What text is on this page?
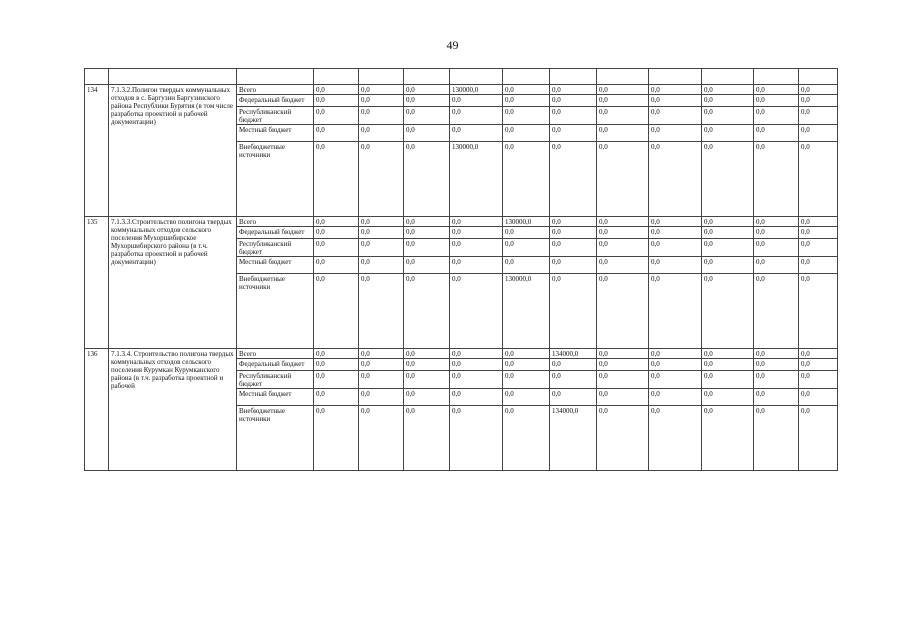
49

134	7.1.3.2.Полигон твердых коммунальных отходов в с. Баргузин Баргузинского района Республики Бурятия (в том числе разработка проектной и рабочей документации)	Всего	0,0	0,0	0,0	130000,0	0,0	0,0	0,0	0,0	0,0	0,0	0,0
		Федеральный бюджет	0,0	0,0	0,0	0,0	0,0	0,0	0,0	0,0	0,0	0,0	0,0
		Республиканский бюджет	0,0	0,0	0,0	0,0	0,0	0,0	0,0	0,0	0,0	0,0	0,0
		Местный бюджет	0,0	0,0	0,0	0,0	0,0	0,0	0,0	0,0	0,0	0,0	0,0
		Внебюджетные источники	0,0	0,0	0,0	130000,0	0,0	0,0	0,0	0,0	0,0	0,0	0,0
135	7.1.3.3.Строительство полигона твердых коммунальных отходов сельского поселения Мухоршибирское Мухоршибирского района (в т.ч. разработка проектной и рабочей документации)	Всего	0,0	0,0	0,0	0,0	130000,0	0,0	0,0	0,0	0,0	0,0	0,0
		Федеральный бюджет	0,0	0,0	0,0	0,0	0,0	0,0	0,0	0,0	0,0	0,0	0,0
		Республиканский бюджет	0,0	0,0	0,0	0,0	0,0	0,0	0,0	0,0	0,0	0,0	0,0
		Местный бюджет	0,0	0,0	0,0	0,0	0,0	0,0	0,0	0,0	0,0	0,0	0,0
		Внебюджетные источники	0,0	0,0	0,0	0,0	130000,0	0,0	0,0	0,0	0,0	0,0	0,0
136	7.1.3.4. Строительство полигона твердых коммунальных отходов сельского поселения Курумкан Курумканского района (в т.ч. разработка проектной и рабочей	Всего	0,0	0,0	0,0	0,0	0,0	134000,0	0,0	0,0	0,0	0,0	0,0
		Федеральный бюджет	0,0	0,0	0,0	0,0	0,0	0,0	0,0	0,0	0,0	0,0	0,0
		Республиканский бюджет	0,0	0,0	0,0	0,0	0,0	0,0	0,0	0,0	0,0	0,0	0,0
		Местный бюджет	0,0	0,0	0,0	0,0	0,0	0,0	0,0	0,0	0,0	0,0	0,0
		Внебюджетные источники	0,0	0,0	0,0	0,0	0,0	134000,0	0,0	0,0	0,0	0,0	0,0
